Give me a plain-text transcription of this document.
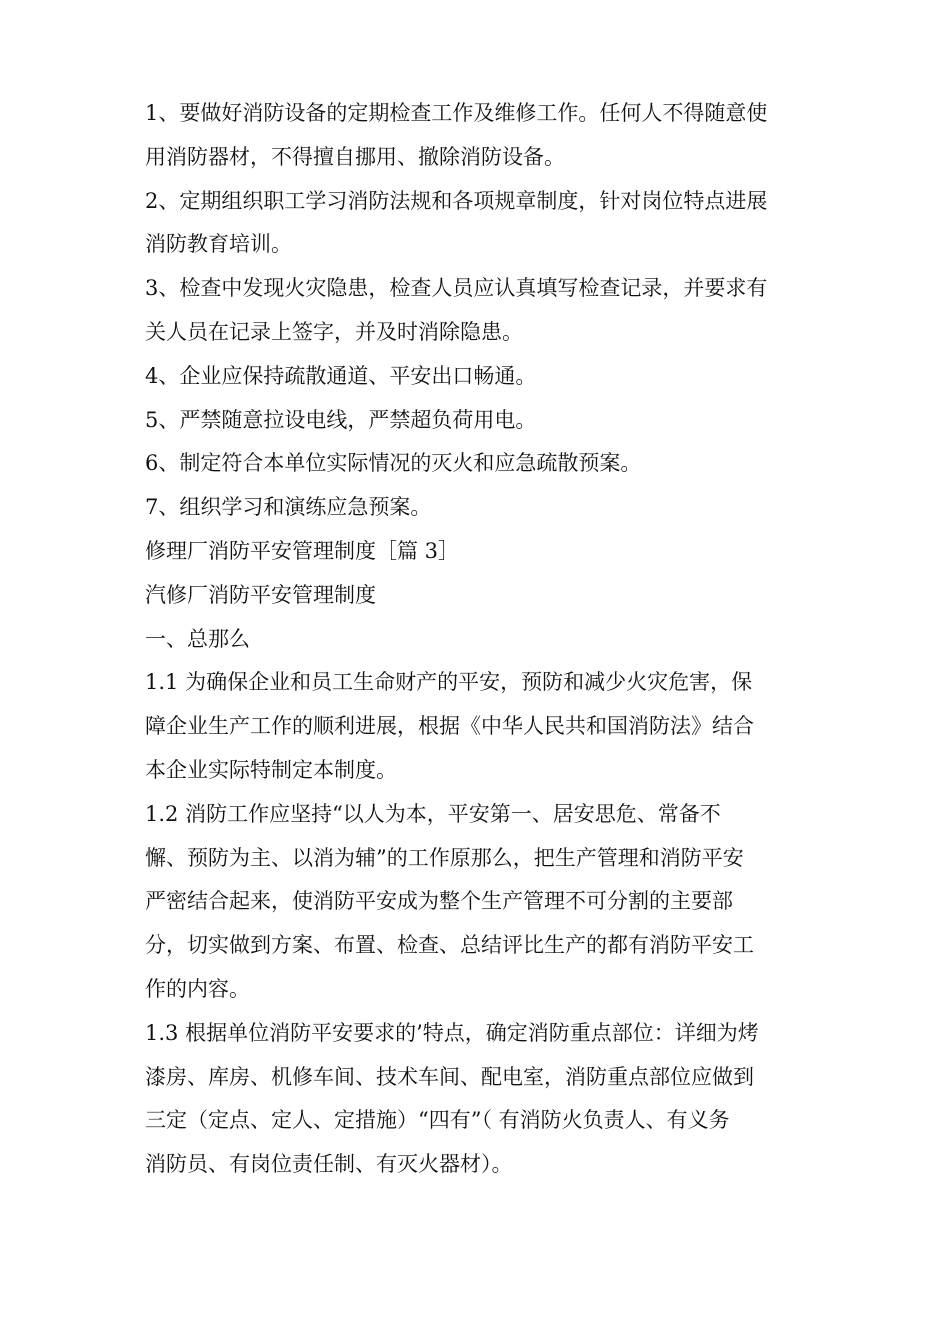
1、要做好消防设备的定期检查工作及维修工作。任何人不得随意使
用消防器材，不得擅自挪用、撤除消防设备。
2、定期组织职工学习消防法规和各项规章制度，针对岗位特点进展
消防教育培训。
3、检查中发现火灾隐患，检查人员应认真填写检查记录，并要求有
关人员在记录上签字，并及时消除隐患。
4、企业应保持疏散通道、平安出口畅通。
5、严禁随意拉设电线，严禁超负荷用电。
6、制定符合本单位实际情况的灭火和应急疏散预案。
7、组织学习和演练应急预案。
修理厂消防平安管理制度［篇 3］
汽修厂消防平安管理制度
一、总那么
1.1 为确保企业和员工生命财产的平安，预防和减少火灾危害，保
障企业生产工作的顺利进展，根据《中华人民共和国消防法》结合
本企业实际特制定本制度。
1.2 消防工作应坚持“以人为本，平安第一、居安思危、常备不
懈、预防为主、以消为辅”的工作原那么，把生产管理和消防平安
严密结合起来，使消防平安成为整个生产管理不可分割的主要部
分，切实做到方案、布置、检查、总结评比生产的都有消防平安工
作的内容。
1.3 根据单位消防平安要求的’特点，确定消防重点部位：详细为烤
漆房、库房、机修车间、技术车间、配电室，消防重点部位应做到
三定（定点、定人、定措施）“四有”（ 有消防火负责人、有义务
消防员、有岗位责任制、有灭火器材）。
